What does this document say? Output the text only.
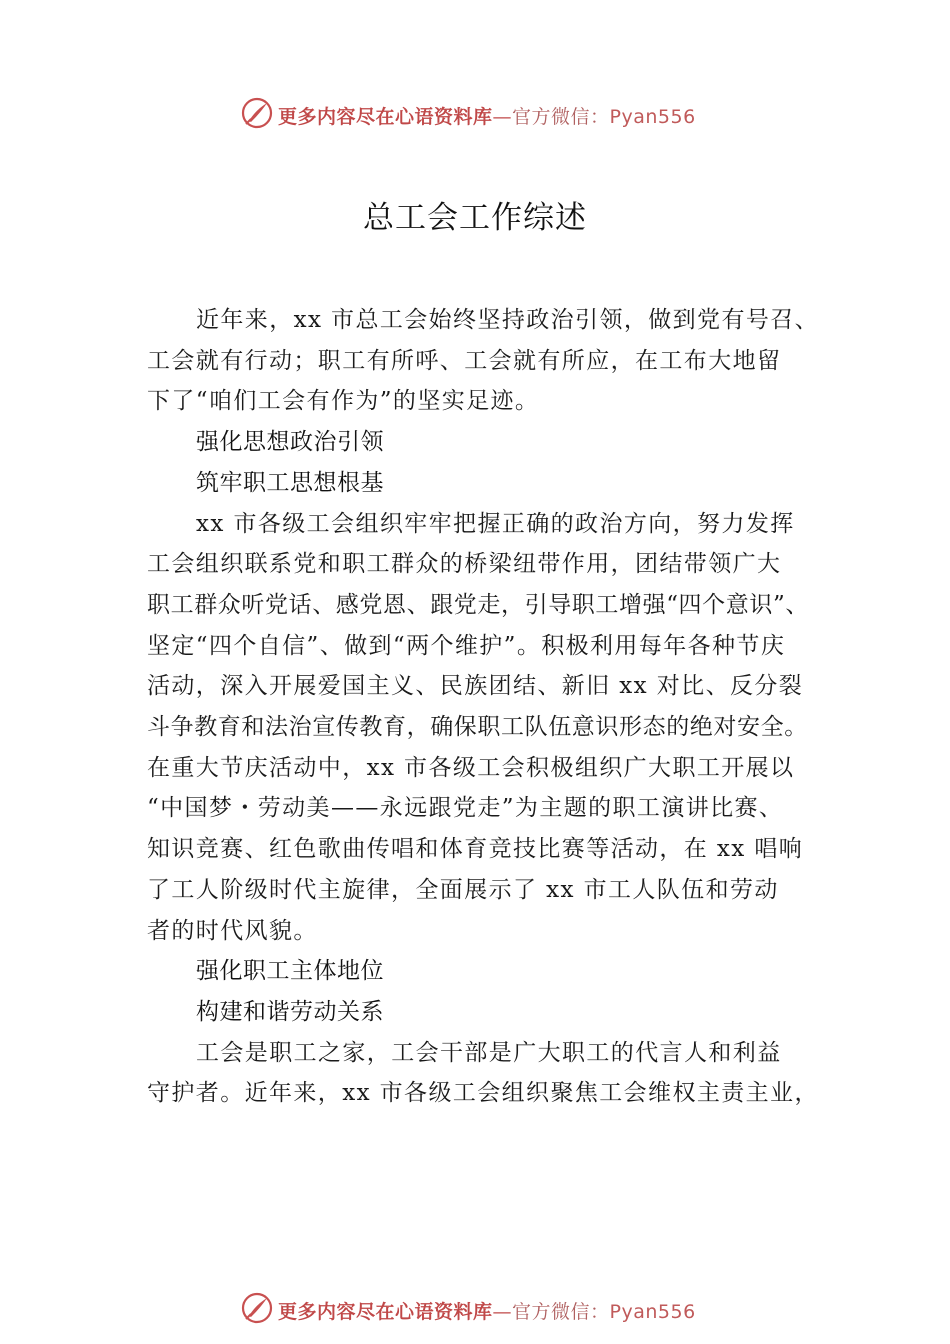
更多内容尽在心语资料库—官方微信：Pyan556
总工会工作综述
近年来，xx 市总工会始终坚持政治引领，做到党有号召、
工会就有行动；职工有所呼、工会就有所应，在工布大地留
下了“咱们工会有作为”的坚实足迹。
强化思想政治引领
筑牢职工思想根基
xx 市各级工会组织牢牢把握正确的政治方向，努力发挥
工会组织联系党和职工群众的桥梁纽带作用，团结带领广大
职工群众听党话、感党恩、跟党走，引导职工增强“四个意识”、
坚定“四个自信”、做到“两个维护”。积极利用每年各种节庆
活动，深入开展爱国主义、民族团结、新旧 xx 对比、反分裂
斗争教育和法治宣传教育，确保职工队伍意识形态的绝对安全。
在重大节庆活动中，xx 市各级工会积极组织广大职工开展以
“中国梦・劳动美——永远跟党走”为主题的职工演讲比赛、
知识竞赛、红色歌曲传唱和体育竞技比赛等活动，在 xx 唱响
了工人阶级时代主旋律，全面展示了 xx 市工人队伍和劳动
者的时代风貌。
强化职工主体地位
构建和谐劳动关系
工会是职工之家，工会干部是广大职工的代言人和利益
守护者。近年来，xx 市各级工会组织聚焦工会维权主责主业，
更多内容尽在心语资料库—官方微信：Pyan556
